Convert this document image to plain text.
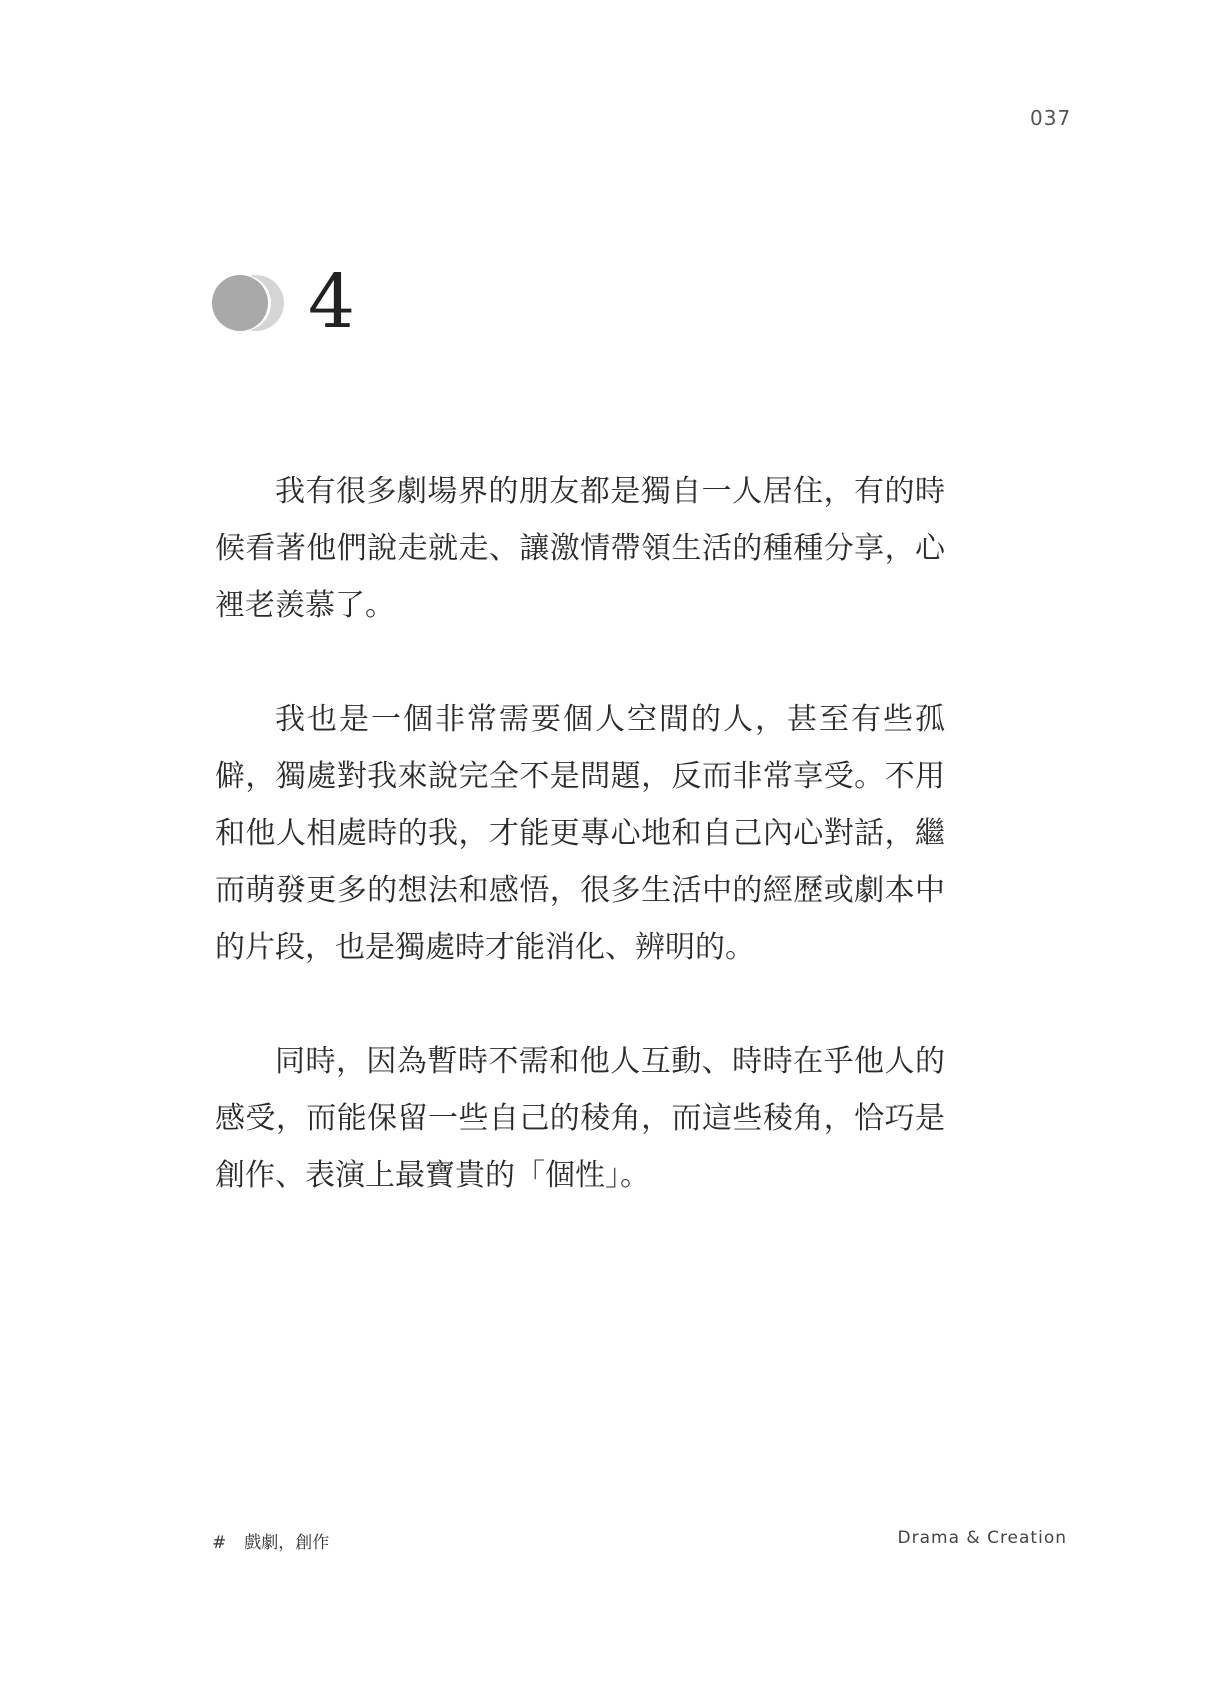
037
4

我有很多劇場界的朋友都是獨自一人居住，有的時候看著他們說走就走、讓激情帶領生活的種種分享，心裡老羨慕了。

我也是一個非常需要個人空間的人，甚至有些孤僻，獨處對我來說完全不是問題，反而非常享受。不用和他人相處時的我，才能更專心地和自己內心對話，繼而萌發更多的想法和感悟，很多生活中的經歷或劇本中的片段，也是獨處時才能消化、辨明的。

同時，因為暫時不需和他人互動、時時在乎他人的感受，而能保留一些自己的稜角，而這些稜角，恰巧是創作、表演上最寶貴的「個性」。

# 戲劇，創作	Drama & Creation
